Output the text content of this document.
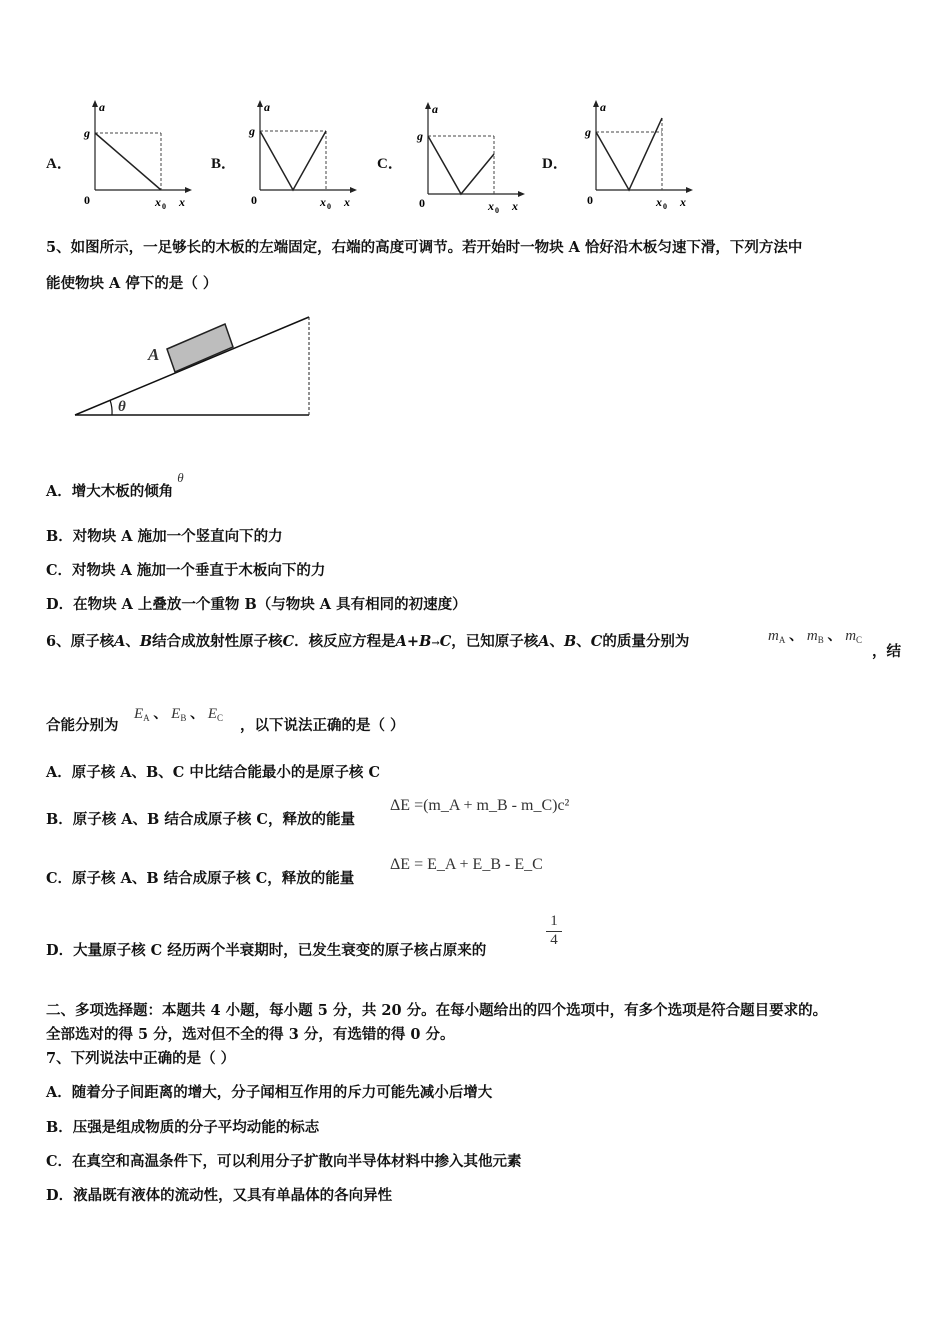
A．	B．	C．	D．
a
g
0	x 0 x
a
g
0	x 0 x
a
g
0	x 0 x
a
g
0	x 0 x
5、如图所示，一足够长的木板的左端固定，右端的高度可调节。若开始时一物块 A 恰好沿木板匀速下滑，下列方法中
能使物块 A 停下的是（ ）
A
θ
A．增大木板的倾角θ
B．对物块 A 施加一个竖直向下的力
C．对物块 A 施加一个垂直于木板向下的力
D．在物块 A 上叠放一个重物 B（与物块 A 具有相同的初速度）
6、原子核A、B结合成放射性原子核C．核反应方程是A+B→C，已知原子核A、B、C的质量分别为	$m_A$ 、 $m_B$ 、 $m_C$
，结
合能分别为
$E_A$ 、 $E_B$ 、 $E_C$ ，以下说法正确的是（ ）
A．原子核 A、B、C 中比结合能最小的是原子核 C
B．原子核 A、B 结合成原子核 C，释放的能量
ΔE =(m_A + m_B - m_C)c²
C．原子核 A、B 结合成原子核 C，释放的能量
ΔE = E_A + E_B - E_C
D．大量原子核 C 经历两个半衰期时，已发生衰变的原子核占原来的
1
4
二、多项选择题：本题共 4 小题，每小题 5 分，共 20 分。在每小题给出的四个选项中，有多个选项是符合题目要求的。
全部选对的得 5 分，选对但不全的得 3 分，有选错的得 0 分。
7、下列说法中正确的是（ ）
A．随着分子间距离的增大，分子闻相互作用的斥力可能先减小后增大
B．压强是组成物质的分子平均动能的标志
C．在真空和高温条件下，可以利用分子扩散向半导体材料中掺入其他元素
D．液晶既有液体的流动性，又具有单晶体的各向异性
